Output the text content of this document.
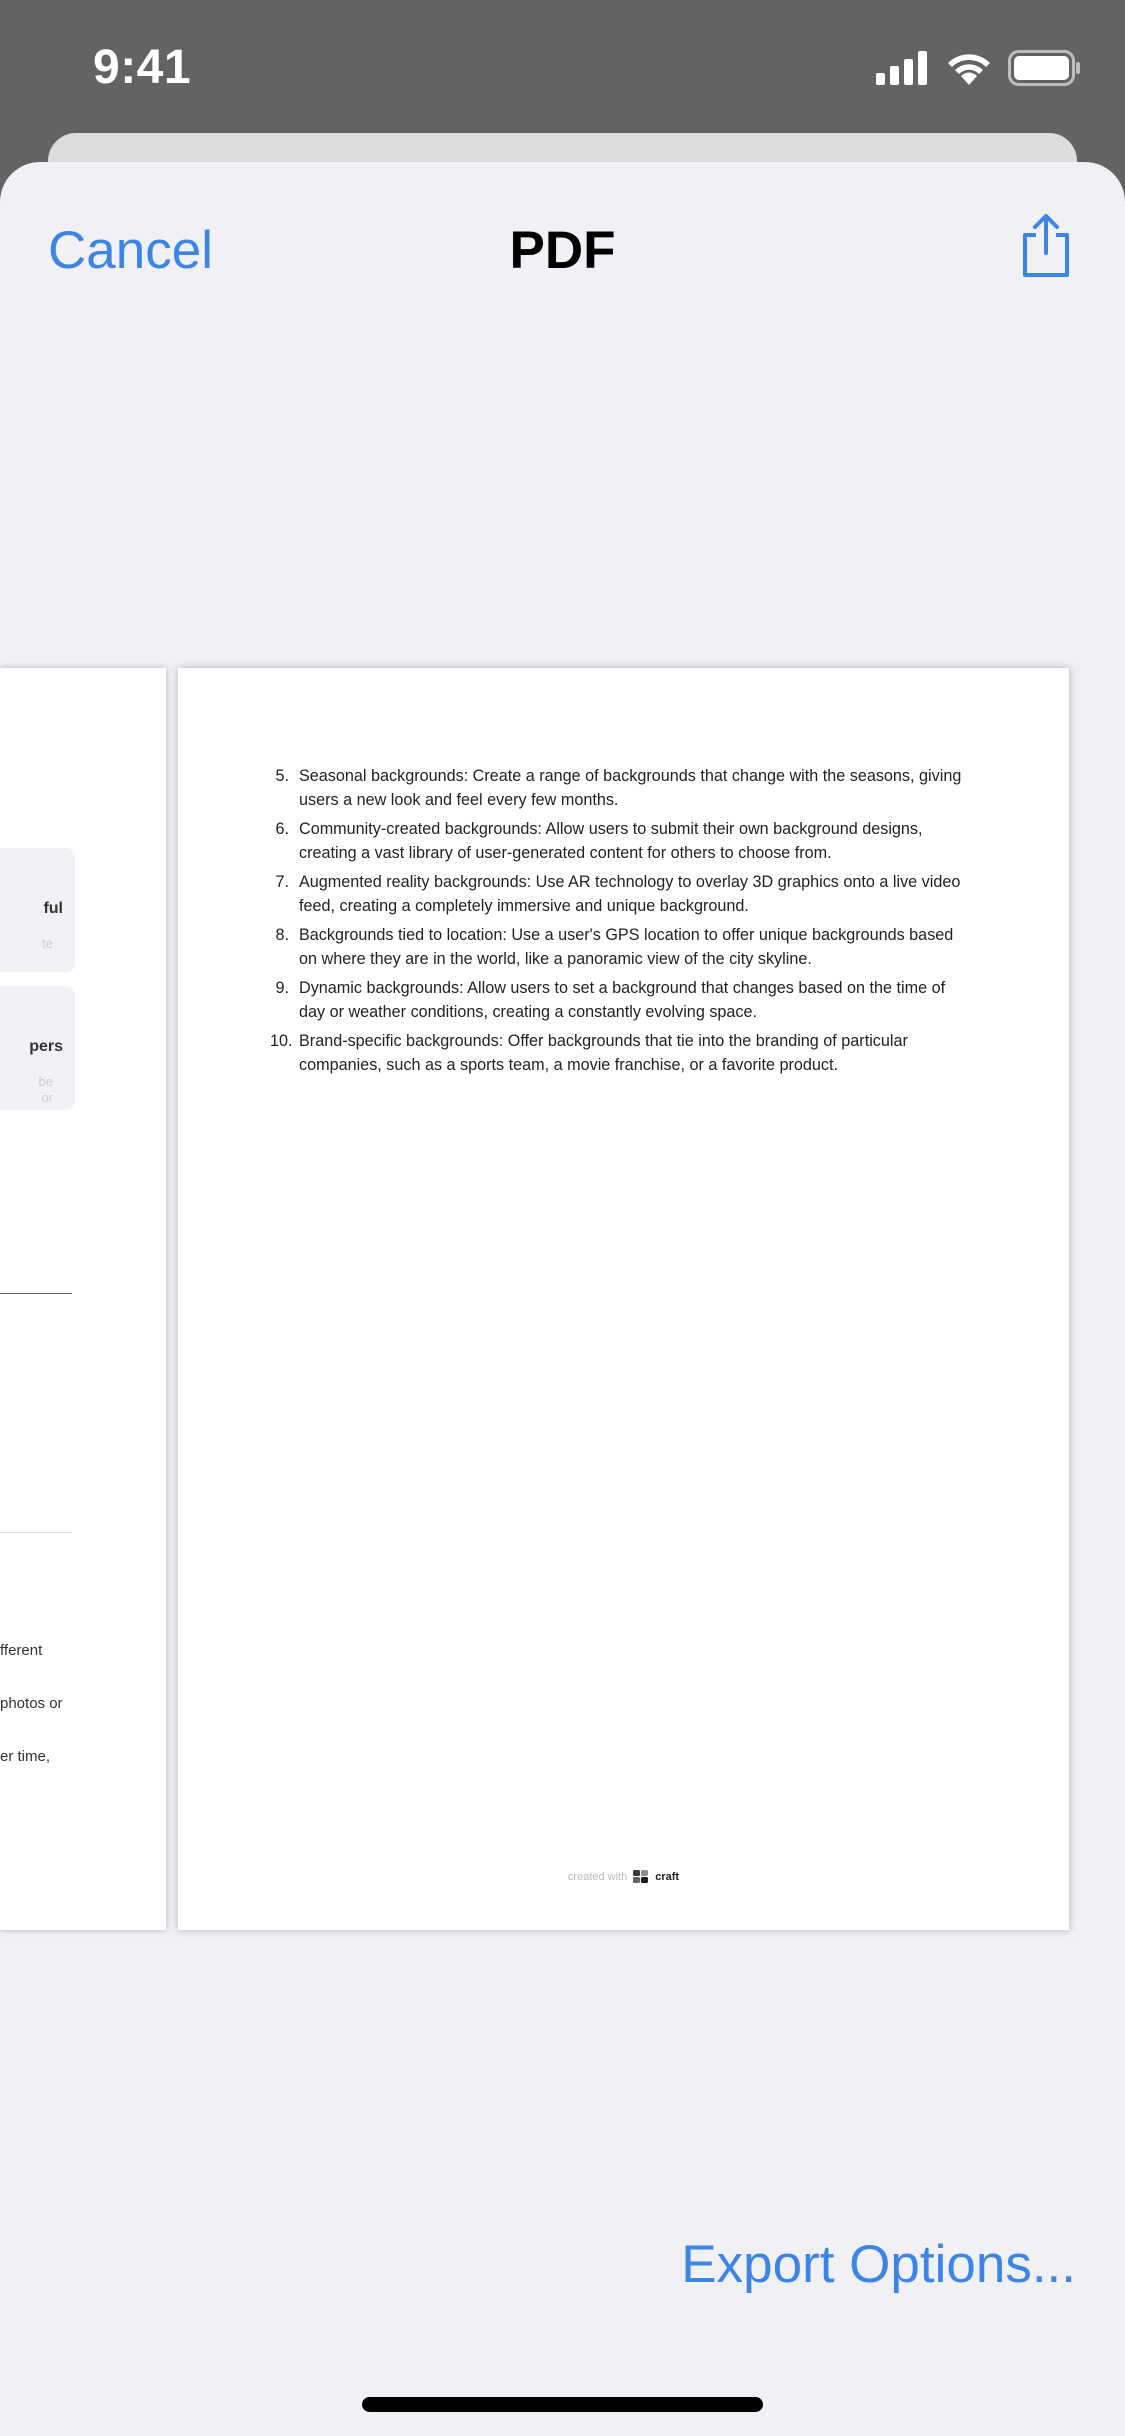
9:41
Cancel	PDF
ful
te
pers
be
or
fferent
photos or
er time,
5. Seasonal backgrounds: Create a range of backgrounds that change with the seasons, giving users a new look and feel every few months.
6. Community-created backgrounds: Allow users to submit their own background designs, creating a vast library of user-generated content for others to choose from.
7. Augmented reality backgrounds: Use AR technology to overlay 3D graphics onto a live video feed, creating a completely immersive and unique background.
8. Backgrounds tied to location: Use a user's GPS location to offer unique backgrounds based on where they are in the world, like a panoramic view of the city skyline.
9. Dynamic backgrounds: Allow users to set a background that changes based on the time of day or weather conditions, creating a constantly evolving space.
10. Brand-specific backgrounds: Offer backgrounds that tie into the branding of particular companies, such as a sports team, a movie franchise, or a favorite product.
created with	craft
Export Options...
